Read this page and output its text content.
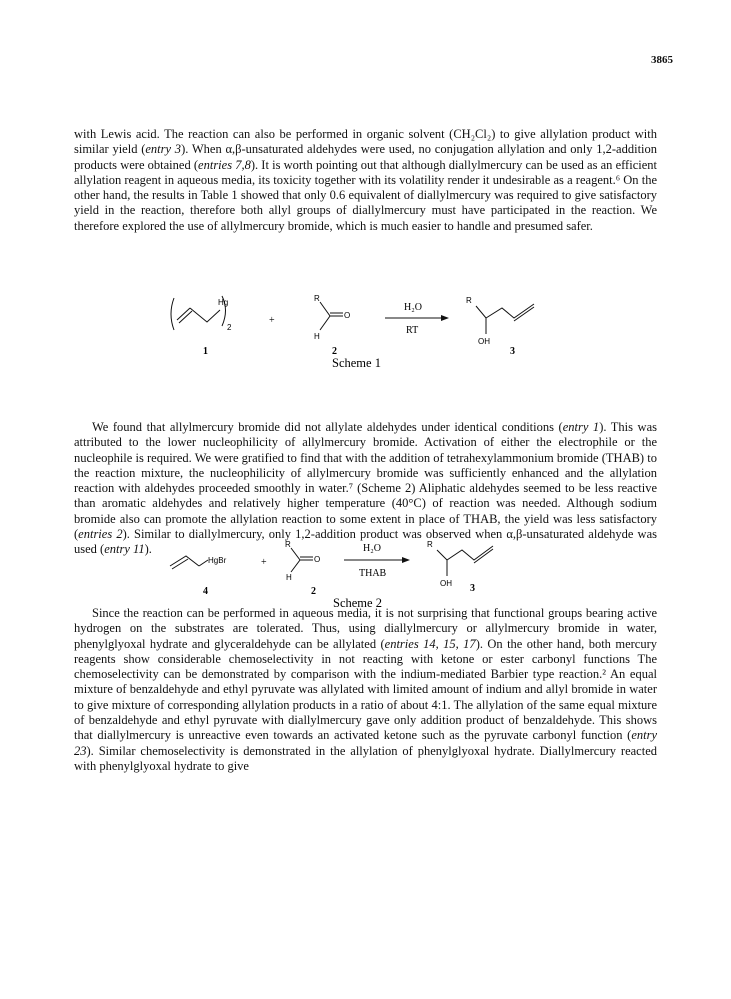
3865

with Lewis acid. The reaction can also be performed in organic solvent (CH₂Cl₂) to give allylation product with similar yield (entry 3). When α,β-unsaturated aldehydes were used, no conjugation allylation and only 1,2-addition products were obtained (entries 7,8). It is worth pointing out that although diallylmercury can be used as an efficient allylation reagent in aqueous media, its toxicity together with its volatility render it undesirable as a reagent.⁶ On the other hand, the results in Table 1 showed that only 0.6 equivalent of diallylmercury was required to give satisfactory yield in the reaction, therefore both allyl groups of diallylmercury must have participated in the reaction. We therefore explored the use of allylmercury bromide, which is much easier to handle and presumed safer.

Hg
2
1
+
R
H
O
H₂O
RT
R
OH
3
2
Scheme 1

We found that allylmercury bromide did not allylate aldehydes under identical conditions (entry 1). This was attributed to the lower nucleophilicity of allylmercury bromide. Activation of either the electrophile or the nucleophile is required. We were gratified to find that with the addition of tetrahexylammonium bromide (THAB) to the reaction mixture, the nucleophilicity of allylmercury bromide was sufficiently enhanced and the allylation reaction with aldehydes proceeded smoothly in water.⁷ (Scheme 2) Aliphatic aldehydes seemed to be less reactive than aromatic aldehydes and relatively higher temperature (40°C) of reaction was needed. Although sodium bromide also can promote the allylation reaction to some extent in place of THAB, the yield was less satisfactory (entries 2). Similar to diallylmercury, only 1,2-addition product was observed when α,β-unsaturated aldehyde was used (entry 11).

HgBr
4
+
R
H
O
2
H₂O
THAB
R
OH 3
Scheme 2

Since the reaction can be performed in aqueous media, it is not surprising that functional groups bearing active hydrogen on the substrates are tolerated. Thus, using diallylmercury or allylmercury bromide in water, phenylglyoxal hydrate and glyceraldehyde can be allylated (entries 14, 15, 17). On the other hand, both mercury reagents show considerable chemoselectivity in not reacting with ketone or ester carbonyl functions The chemoselectivity can be demonstrated by comparison with the indium-mediated Barbier type reaction.² An equal mixture of benzaldehyde and ethyl pyruvate was allylated with limited amount of indium and allyl bromide in water to give mixture of corresponding allylation products in a ratio of about 4:1. The allylation of the same equal mixture of benzaldehyde and ethyl pyruvate with diallylmercury gave only addition product of benzaldehyde. This shows that diallylmercury is unreactive even towards an activated ketone such as the pyruvate carbonyl function (entry 23). Similar chemoselectivity is demonstrated in the allylation of phenylglyoxal hydrate. Diallylmercury reacted with phenylglyoxal hydrate to give
